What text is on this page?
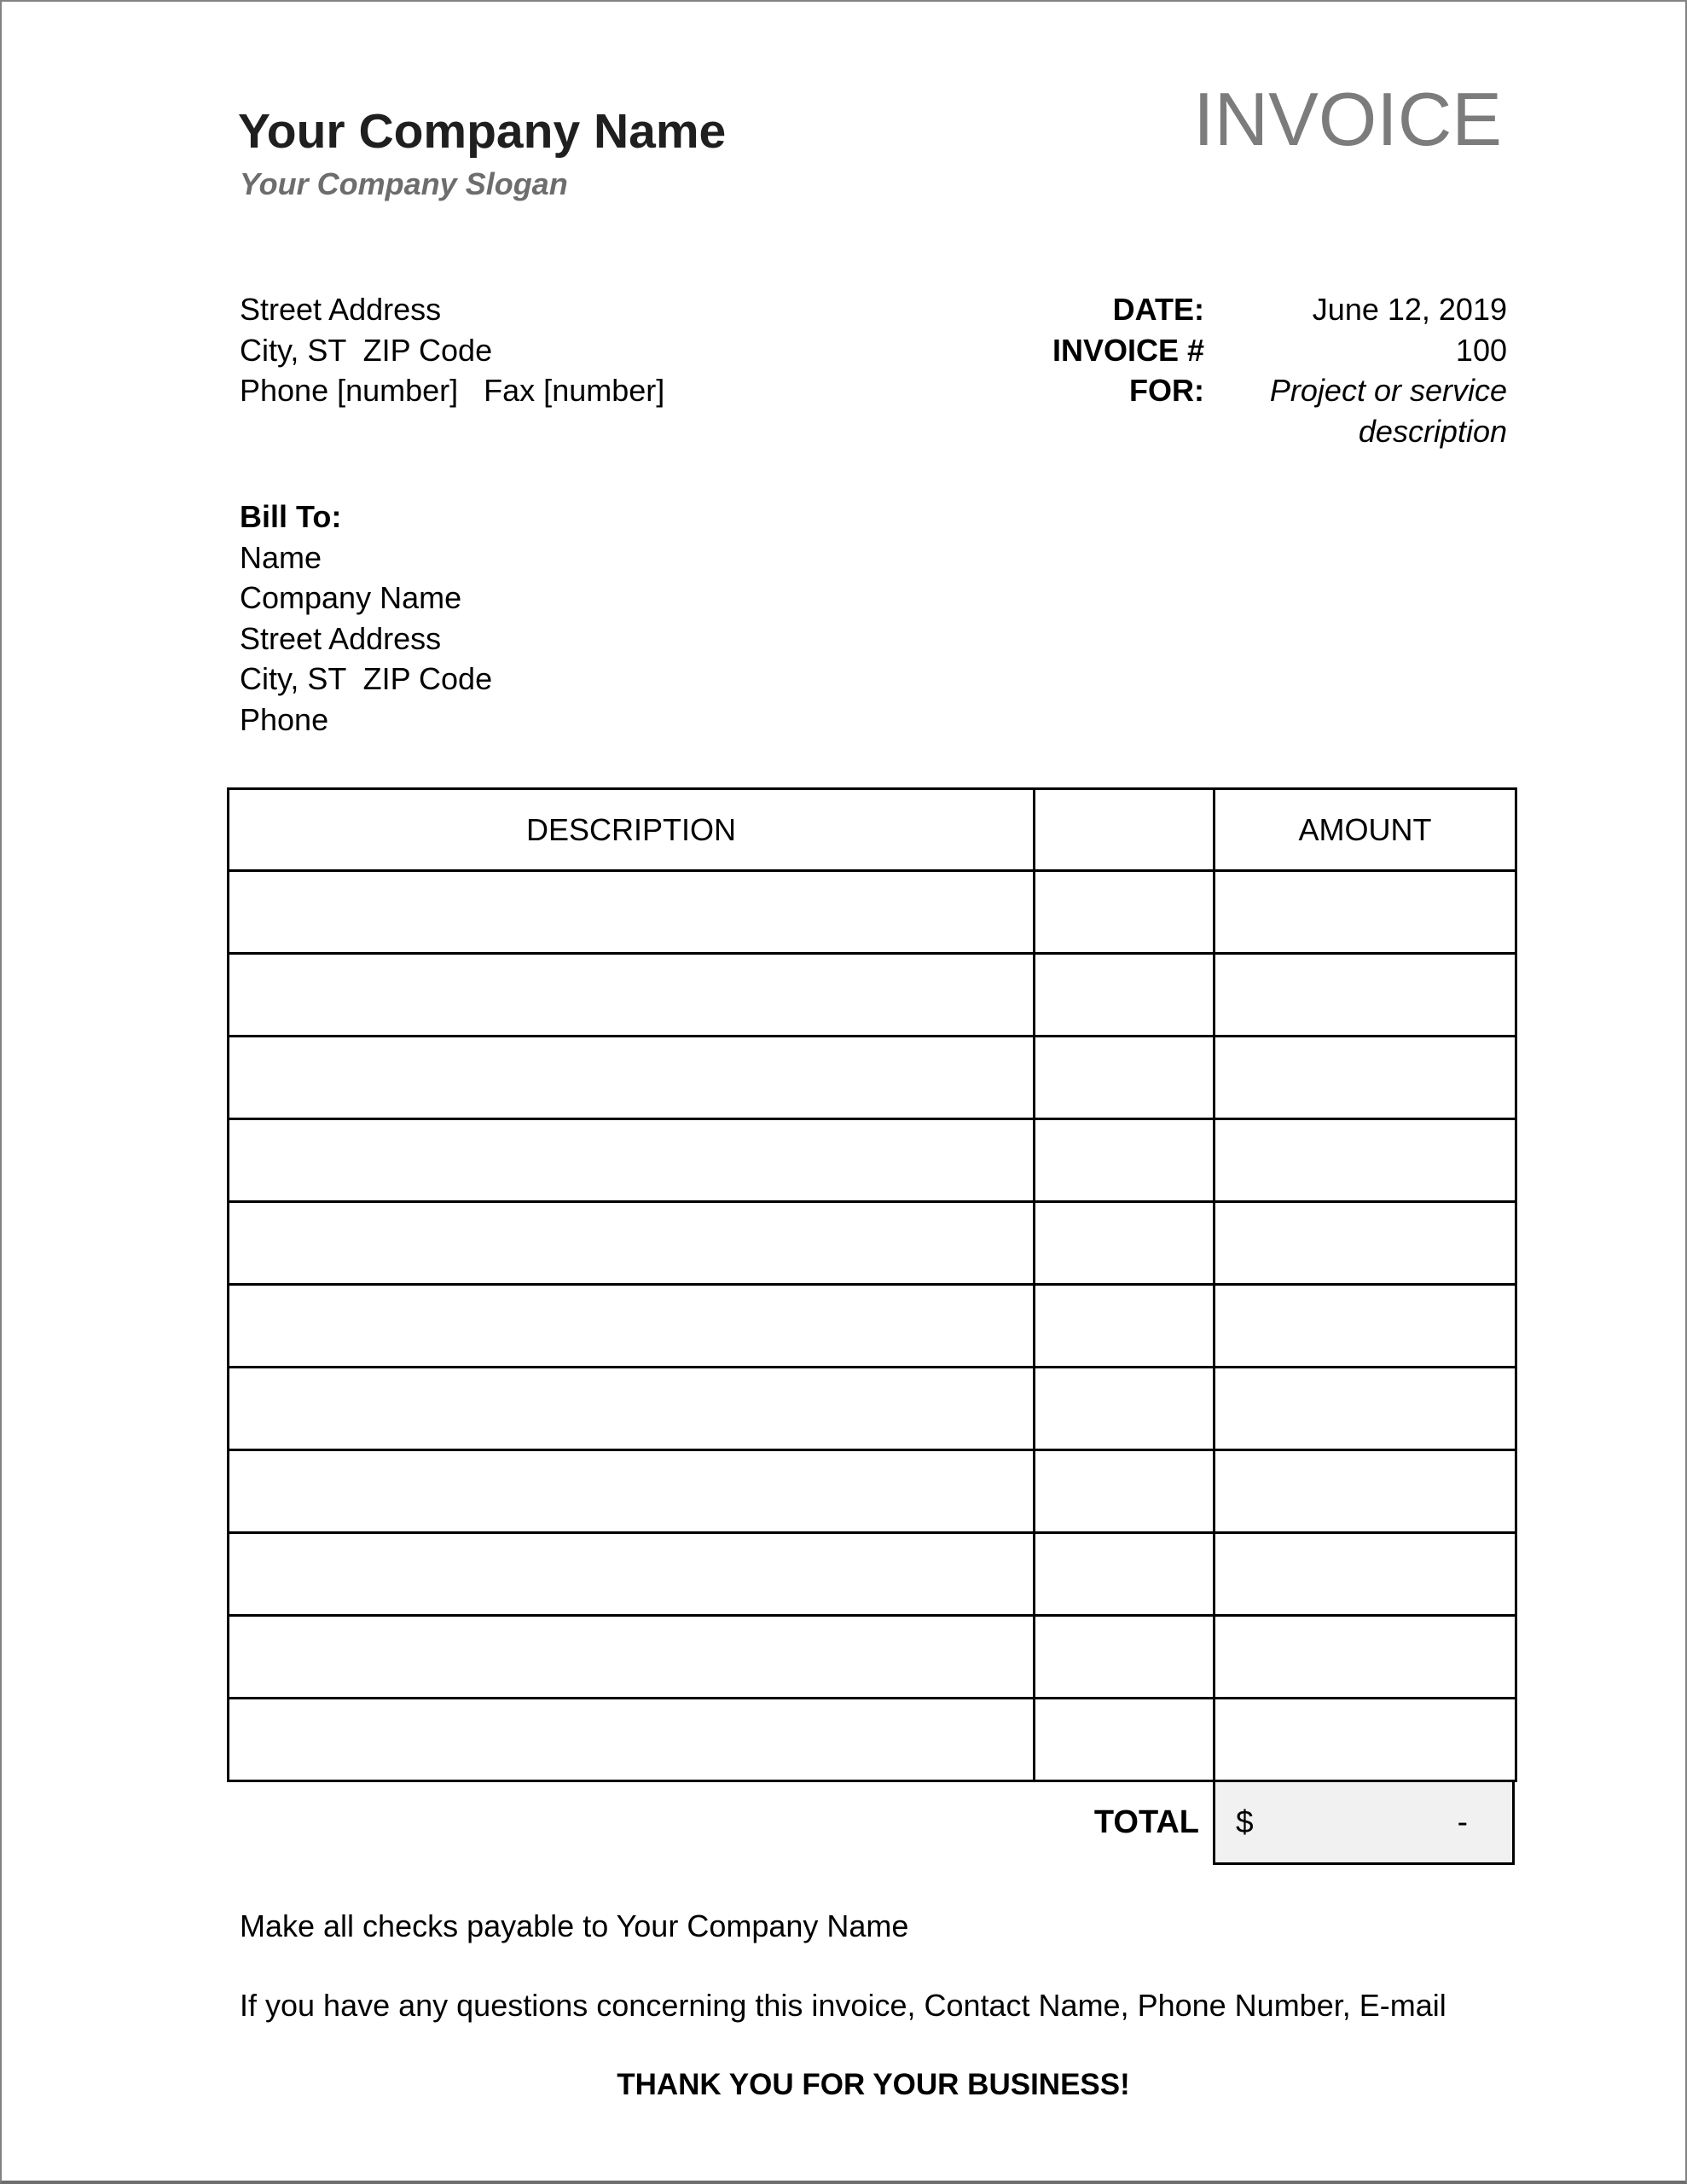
Your Company Name
Your Company Slogan
INVOICE
Street Address
City, ST  ZIP Code
Phone [number]   Fax [number]
DATE:	June 12, 2019
INVOICE #	100
FOR:	Project or service description
Bill To:
Name
Company Name
Street Address
City, ST  ZIP Code
Phone
DESCRIPTION		AMOUNT

TOTAL $	-
Make all checks payable to Your Company Name
If you have any questions concerning this invoice, Contact Name, Phone Number, E-mail
THANK YOU FOR YOUR BUSINESS!
